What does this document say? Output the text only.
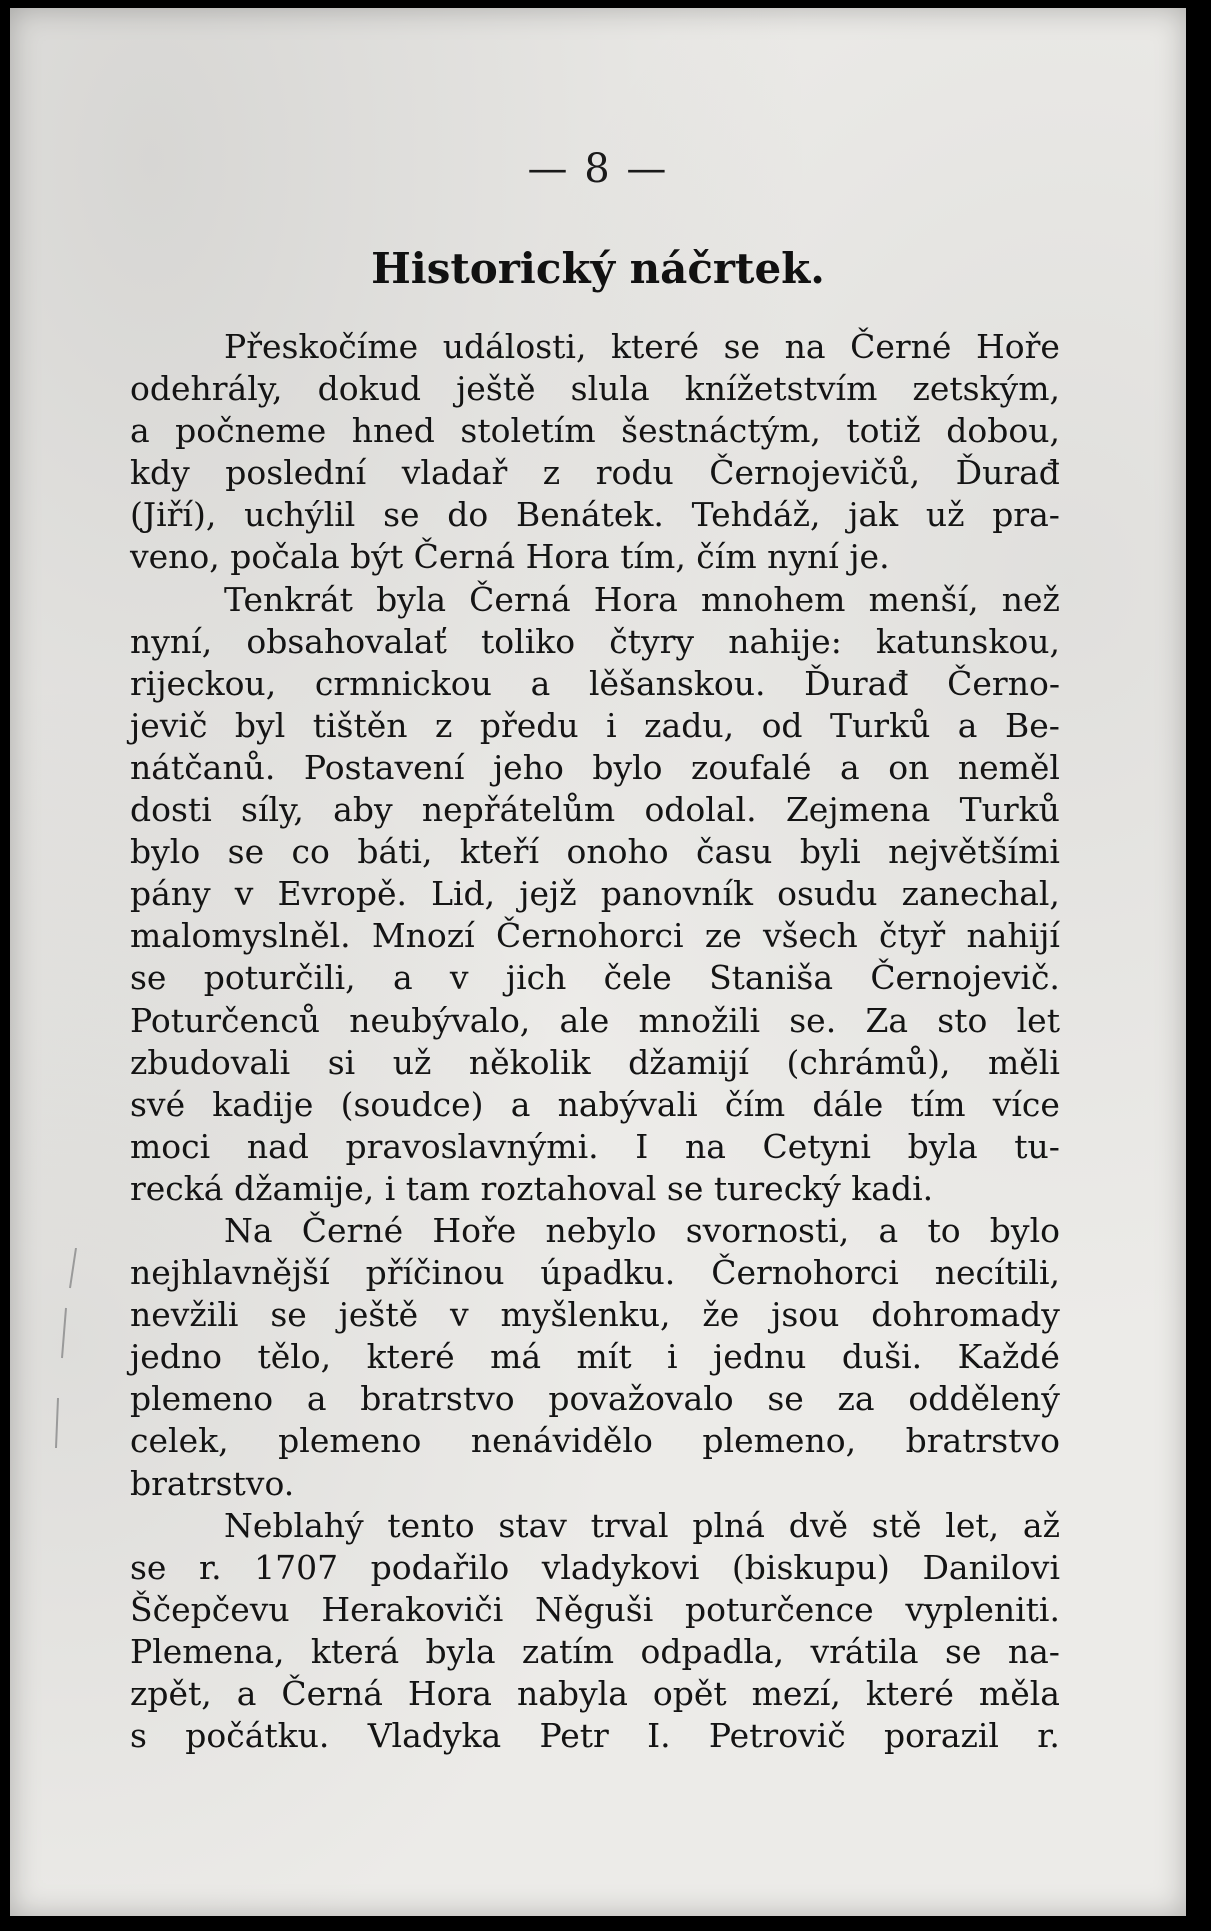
— 8 —
Historický náčrtek.
Přeskočíme události, které se na Černé Hoře
odehrály, dokud ještě slula knížetstvím zetským,
a počneme hned stoletím šestnáctým, totiž dobou,
kdy poslední vladař z rodu Černojevičů, Ďurađ
(Jiří), uchýlil se do Benátek. Tehdáž, jak už pra-
veno, počala být Černá Hora tím, čím nyní je.
Tenkrát byla Černá Hora mnohem menší, než
nyní, obsahovalať toliko čtyry nahije: katunskou,
rijeckou, crmnickou a lěšanskou. Ďurađ Černo-
jevič byl tištěn z předu i zadu, od Turků a Be-
nátčanů. Postavení jeho bylo zoufalé a on neměl
dosti síly, aby nepřátelům odolal. Zejmena Turků
bylo se co báti, kteří onoho času byli největšími
pány v Evropě. Lid, jejž panovník osudu zanechal,
malomyslněl. Mnozí Černohorci ze všech čtyř nahijí
se poturčili, a v jich čele Staniša Černojevič.
Poturčenců neubývalo, ale množili se. Za sto let
zbudovali si už několik džamijí (chrámů), měli
své kadije (soudce) a nabývali čím dále tím více
moci nad pravoslavnými. I na Cetyni byla tu-
recká džamije, i tam roztahoval se turecký kadi.
Na Černé Hoře nebylo svornosti, a to bylo
nejhlavnější příčinou úpadku. Černohorci necítili,
nevžili se ještě v myšlenku, že jsou dohromady
jedno tělo, které má mít i jednu duši. Každé
plemeno a bratrstvo považovalo se za oddělený
celek, plemeno nenávidělo plemeno, bratrstvo
bratrstvo.
Neblahý tento stav trval plná dvě stě let, až
se r. 1707 podařilo vladykovi (biskupu) Danilovi
Ščepčevu Herakoviči Něguši poturčence vypleniti.
Plemena, která byla zatím odpadla, vrátila se na-
zpět, a Černá Hora nabyla opět mezí, které měla
s počátku. Vladyka Petr I. Petrovič porazil r.
